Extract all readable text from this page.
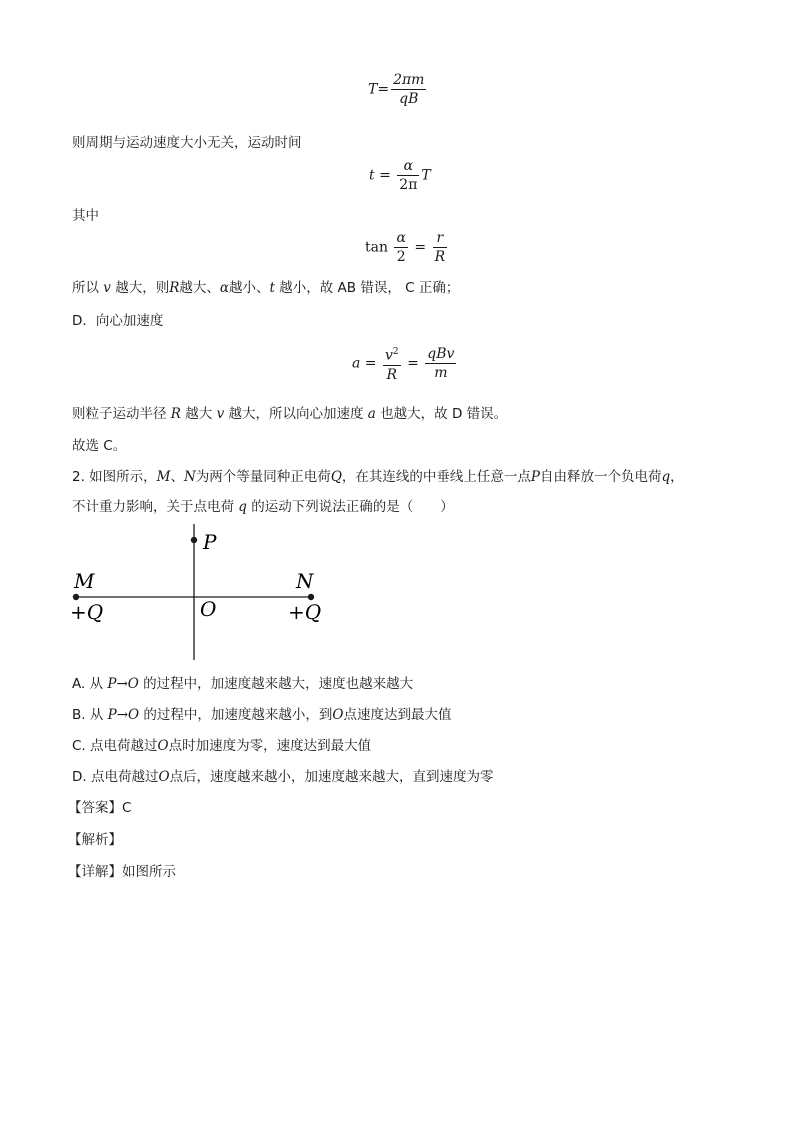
$T= \frac{2\pi m}{qB}$
则周期与运动速度大小无关，运动时间
$t = \frac{\alpha}{2\pi}$ T
其中
$\tan \frac{\alpha}{2} = \frac{r}{R}$
所以 v 越大，则R越大、α越小、t 越小，故 AB 错误， C 正确；
D．向心加速度
$a = \frac{v^2}{R} = \frac{\text{qBv}}{m}$
则粒子运动半径 R 越大 v 越大，所以向心加速度 a 也越大，故 D 错误。
故选 C。
2. 如图所示，M、N为两个等量同种正电荷Q，在其连线的中垂线上任意一点P自由释放一个负电荷q，
不计重力影响，关于点电荷 q 的运动下列说法正确的是（　　）
P
M	N
O
+Q	+Q
A. 从 P→O 的过程中，加速度越来越大，速度也越来越大
B. 从 P→O 的过程中，加速度越来越小，到O点速度达到最大值
C. 点电荷越过O点时加速度为零，速度达到最大值
D. 点电荷越过O点后，速度越来越小，加速度越来越大，直到速度为零
【答案】C
【解析】
【详解】如图所示
